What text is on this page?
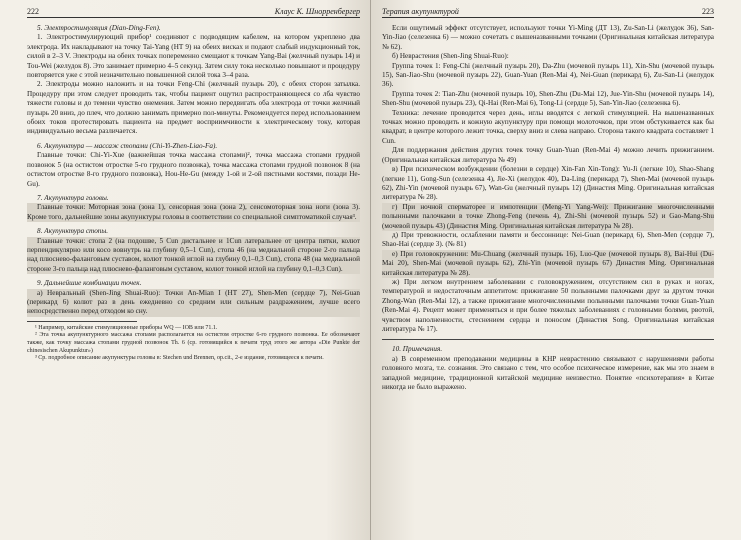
222	Клаус К. Шнорренбергер

5. Электростимуляция (Dian-Ding-Fen).

1. Электростимулирующий прибор¹ соединяют с подводящим кабелем, на котором укреплено два электрода. Их накладывают на точку Tai-Yang (НТ 9) на обеих висках и подают слабый индукционный ток, силой в 2–3 V. Электроды на обеих точках попеременно смещают к точкам Yang-Bai (желчный пузырь 14) и Tou-Wei (желудок 8). Это занимает примерно 4–5 секунд. Затем силу тока несколько повышают и процедуру повторяется уже с этой незначительно повышенной силой тока 3–4 раза.

2. Электроды можно наложить и на точки Feng-Chi (желчный пузырь 20), с обеих сторон затылка. Процедуру при этом следует проводить так, чтобы пациент ощутил распространяющееся со лба чувство тяжести головы и до темени чувство онемения. Затем можно передвигать оба электрода от точки желчный пузырь 20 вниз, до плеч, что должно занимать примерно пол-минуты. Рекомендуется перед использованием обоих токов протестировать пациента на предмет восприимчивости к электрическому току, которая индивидуально весьма различается.

6. Акупунктура — массаж стопами (Chi-Yi-Zhen-Liao-Fa).

Главные точки: Chi-Yi-Xue (важнейшая точка массажа стопами)², точка массажа стопами грудной позвонок 5 (на остистом отростке 5-го грудного позвонка), точка массажа стопами грудной позвонок 8 (на остистом отростке 8-го грудного позвонка), Hou-He-Gu (между 1-ой и 2-ой пястными костями, позади He-Gu).

7. Акупунктура головы.

Главные точки: Моторная зона (зона 1), сенсорная зона (зона 2), сенсомоторная зона ноги (зона 3). Кроме того, дальнейшие зоны акупунктуры головы в соответствии со специальной симптоматикой случая³.

8. Акупунктура стопы.

Главные точки: стопа 2 (на подошве, 5 Cun дистальнее и 1Cun латеральнее от центра пятки, колют перпендикулярно или косо вовнутрь на глубину 0,5–1 Cun), стопа 46 (на медиальной стороне 2-го пальца над плюснево-фаланговым суставом, колют тонкой иглой на глубину 0,1–0,3 Cun), стопа 48 (на медиальной стороне 3-го пальца над плюснево-фаланговым суставом, колют тонкой иглой на глубину 0,1–0,3 Cun).

9. Дальнейшие комбинации точек.

а) Невральный (Shen-Jing Shuai-Ruo): Точки An-Mian I (НТ 27), Shen-Men (сердце 7), Nei-Guan (перикард 6) колют раз в день ежедневно со средним или сильным раздражением, лучше всего непосредственно перед отходом ко сну.

¹ Например, китайские стимуляционные приборы WQ — IOВ или 71.1.

² Эта точка акупунктурного массажа стопами располагается на остистом отростке 6-го грудного позвонка. Ее обозначают также, как точку массажа стопами грудной позвонок Th. 6 (ср. готовящийся к печати труд этого же автора «Die Punkte der chinesischen Akupunktur»)

³ Ср. подробное описание акупунктуры головы в: Stechen und Brennen, op.cit., 2-е издание, готовящееся к печати.

Терапия акупунктурой	223

Если ощутимый эффект отсутствует, используют точки Yi-Ming (ДТ 13), Zu-San-Li (желудок 36), San-Yin-Jiao (селезенка 6) — можно сочетать с вышеназванными точками (Оригинальная китайская литература № 62).

б) Неврастения (Shen-Jing Shuai-Ruo):

Группа точек 1: Feng-Chi (желчный пузырь 20), Da-Zhu (мочевой пузырь 11), Xin-Shu (мочевой пузырь 15), San-Jiao-Shu (мочевой пузырь 22), Guan-Yuan (Ren-Mai 4), Nei-Guan (перикард 6), Zu-San-Li (желудок 36).

Группа точек 2: Tian-Zhu (мочевой пузырь 10), Shen-Zhu (Du-Mai 12), Jue-Yin-Shu (мочевой пузырь 14), Shen-Shu (мочевой пузырь 23), Qi-Hai (Ren-Mai 6), Tong-Li (сердце 5), San-Yin-Jiao (селезенка 6).

Техника: лечение проводится через день, иглы вводятся с легкой стимуляцией. На вышеназванных точках можно проводить и кожную акупунктуру при помощи молоточков, при этом обстукивается как бы квадрат, в центре которого лежит точка, сверху вниз и слева направо. Сторона такого квадрата составляет 1 Cun.

Для поддержания действия других точек точку Guan-Yuan (Ren-Mai 4) можно лечить прижиганием. (Оригинальная китайская литература № 49)

в) При психическом возбуждении (болезни в сердце) Xin-Fan Xin-Tong): Yu-Ji (легкие 10), Shao-Shang (легкие 11), Gong-Sun (селезенка 4), Jie-Xi (желудок 40), Da-Ling (перикард 7), Shen-Mai (мочевой пузырь 62), Zhi-Yin (мочевой пузырь 67), Wan-Gu (желчный пузырь 12) (Династия Ming. Оригинальная китайская литература № 28).

г) При ночной сперматорее и импотенции (Meng-Yi Yang-Wei): Прижигание многочисленными полынными палочками в точке Zhong-Feng (печень 4), Zhi-Shi (мочевой пузырь 52) и Gao-Mang-Shu (мочевой пузырь 43) (Династия Ming. Оригинальная китайская литература № 28).

д) При тревожности, ослаблении памяти и бессоннице: Nei-Guan (перикард 6), Shen-Men (сердце 7), Shao-Hai (сердце 3). (№ 81)

е) При головокружении: Mu-Chuang (желчный пузырь 16), Luo-Que (мочевой пузырь 8), Bai-Hui (Du-Mai 20), Shen-Mai (мочевой пузырь 62), Zhi-Yin (мочевой пузырь 67) Династия Ming. Оригинальная китайская литература № 28).

ж) При легком внутреннем заболевании с головокружением, отсутствием сил в руках и ногах, температурой и недостаточным аппетитом: прижигание 50 полынными палочками друг за другом точки Zhong-Wan (Ren-Mai 12), а также прижигание многочисленными полынными палочками точки Guan-Yuan (Ren-Mai 4). Рецепт может применяться и при более тяжелых заболеваниях с головными болями, рвотой, чувством наполненности, стеснением сердца и поносом (Династия Song. Оригинальная китайская литература № 17).

10. Примечания.

а) В современном преподавании медицины в КНР неврастению связывают с нарушениями работы головного мозга, т.е. сознания. Это связано с тем, что особое психическое измерение, как мы это знаем в западной медицине, традиционной китайской медицине неизвестно. Понятие «психотерапия» в Китае никогда не было выражено.
